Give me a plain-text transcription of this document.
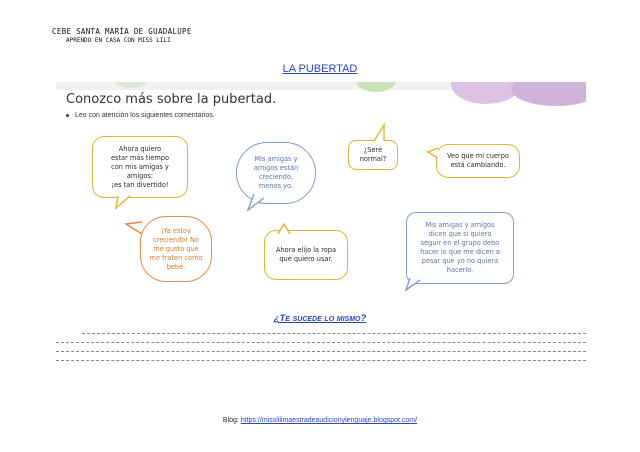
CEBE SANTA MARÍA DE GUADALUPE
APRENDO EN CASA CON MISS LILI
LA PUBERTAD
Conozco más sobre la pubertad.
Leo con atención los siguientes comentarios.
Ahora quiero
estar más tiempo
con mis amigas y
amigos:
¡es tan divertido!
Mis amigas y
amigos están
creciendo,
menos yo.
¿Seré
normal?	Veo que mi cuerpo
está cambiando.
¡Ya estoy
creciendo! No
me gusta que
me traten como
bebé.
Ahora elijo la ropa
que quiero usar.
Mis amigas y amigos
dicen que si quiero
seguir en el grupo debo
hacer lo que me dicen a
pesar que yo no quiera
hacerlo.
¿Te sucede lo mismo?
Blog: https://misslilimaestradeaudicionylenguaje.blogspot.com/
